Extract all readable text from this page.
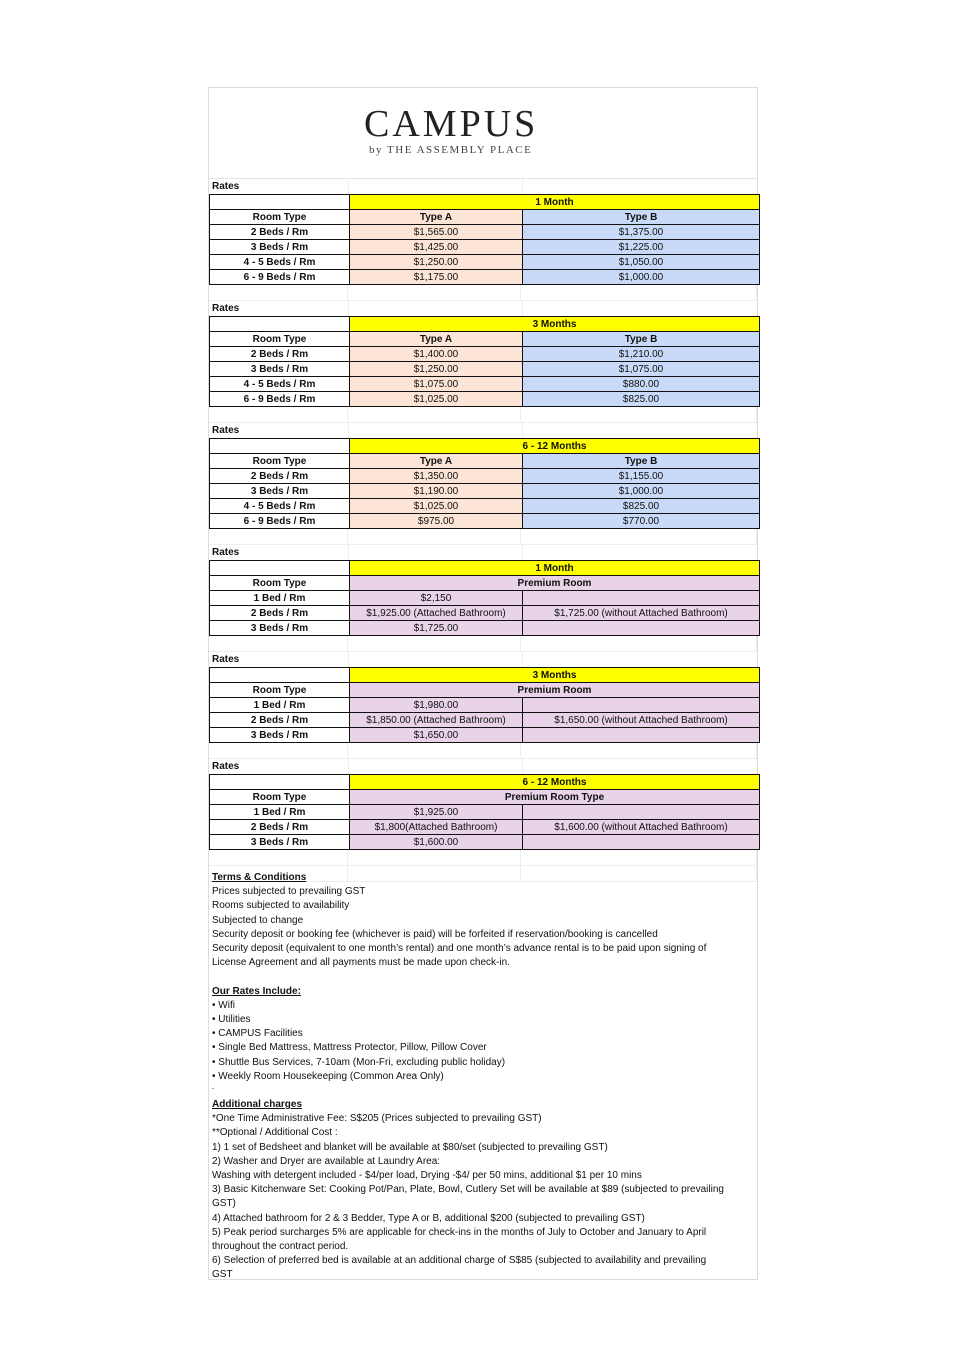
CAMPUS
by THE ASSEMBLY PLACE
Rates
	1 Month	
Room Type	Type A	Type B
2 Beds / Rm	$1,565.00	$1,375.00
3 Beds / Rm	$1,425.00	$1,225.00
4 - 5 Beds / Rm	$1,250.00	$1,050.00
6 - 9 Beds / Rm	$1,175.00	$1,000.00
Rates
	3 Months	
Room Type	Type A	Type B
2 Beds / Rm	$1,400.00	$1,210.00
3 Beds / Rm	$1,250.00	$1,075.00
4 - 5 Beds / Rm	$1,075.00	$880.00
6 - 9 Beds / Rm	$1,025.00	$825.00
Rates
	6 - 12 Months	
Room Type	Type A	Type B
2 Beds / Rm	$1,350.00	$1,155.00
3 Beds / Rm	$1,190.00	$1,000.00
4 - 5 Beds / Rm	$1,025.00	$825.00
6 - 9 Beds / Rm	$975.00	$770.00
Rates
	1 Month	
Room Type	Premium Room	
1 Bed / Rm	$2,150	
2 Beds / Rm	$1,925.00 (Attached Bathroom)	$1,725.00 (without Attached Bathroom)
3 Beds / Rm	$1,725.00	
Rates
	3 Months	
Room Type	Premium Room	
1 Bed / Rm	$1,980.00	
2 Beds / Rm	$1,850.00 (Attached Bathroom)	$1,650.00 (without Attached Bathroom)
3 Beds / Rm	$1,650.00	
Rates
	6 - 12 Months	
Room Type	Premium Room Type	
1 Bed / Rm	$1,925.00	
2 Beds / Rm	$1,800(Attached Bathroom)	$1,600.00 (without Attached Bathroom)
3 Beds / Rm	$1,600.00	
Terms & Conditions
Prices subjected to prevailing GST
Rooms subjected to availability
Subjected to change
Security deposit or booking fee (whichever is paid) will be forfeited if reservation/booking is cancelled
Security deposit (equivalent to one month’s rental) and one month’s advance rental is to be paid upon signing of
License Agreement and all payments must be made upon check-in.
Our Rates Include:
• Wifi
• Utilities
• CAMPUS Facilities
• Single Bed Mattress, Mattress Protector, Pillow, Pillow Cover
• Shuttle Bus Services, 7-10am (Mon-Fri, excluding public holiday)
• Weekly Room Housekeeping (Common Area Only)
-
Additional charges
*One Time Administrative Fee: S$205 (Prices subjected to prevailing GST)
**Optional / Additional Cost :
1) 1 set of Bedsheet and blanket will be available at $80/set (subjected to prevailing GST)
2) Washer and Dryer are available at Laundry Area:
Washing with detergent included - $4/per load, Drying -$4/ per 50 mins, additional $1 per 10 mins
3) Basic Kitchenware Set: Cooking Pot/Pan, Plate, Bowl, Cutlery Set will be available at $89 (subjected to prevailing
GST)
4) Attached bathroom for 2 & 3 Bedder, Type A or B, additional $200 (subjected to prevailing GST)
5) Peak period surcharges 5% are applicable for check-ins in the months of July to October and January to April
throughout the contract period.
6) Selection of preferred bed is available at an additional charge of S$85 (subjected to availability and prevailing
GST
